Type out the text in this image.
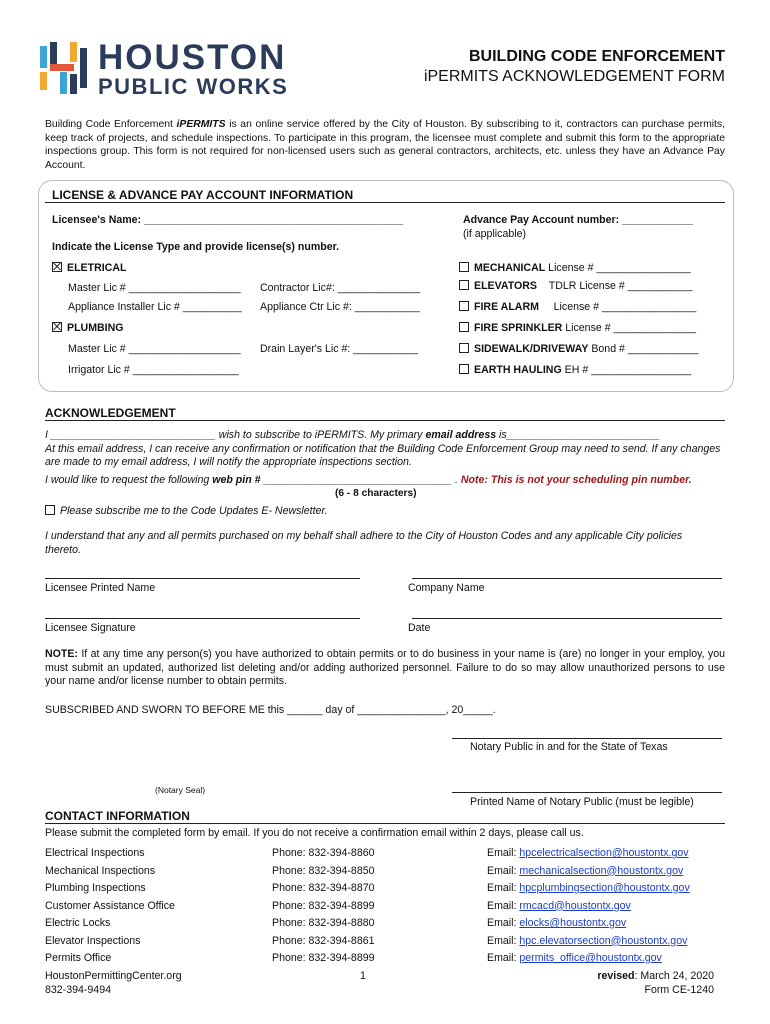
HOUSTON
PUBLIC WORKS
BUILDING CODE ENFORCEMENT
iPERMITS ACKNOWLEDGEMENT FORM
Building Code Enforcement iPERMITS is an online service offered by the City of Houston. By subscribing to it, contractors can purchase permits, keep track of projects, and schedule inspections. To participate in this program, the licensee must complete and submit this form to the appropriate inspections group. This form is not required for non-licensed users such as general contractors, architects, etc. unless they have an Advance Pay Account.
LICENSE & ADVANCE PAY ACCOUNT INFORMATION
Licensee's Name: ____________________________________________	Advance Pay Account number: ____________
(if applicable)
Indicate the License Type and provide license(s) number.
ELETRICAL
Master Lic # ___________________ Contractor Lic#: ______________
Appliance Installer Lic # __________ Appliance Ctr Lic #: ___________
PLUMBING
Master Lic # ___________________ Drain Layer's Lic #: ___________
Irrigator Lic # __________________
MECHANICAL License # ________________
ELEVATORS TDLR License # ___________
FIRE ALARM License # ________________
FIRE SPRINKLER License # ______________
SIDEWALK/DRIVEWAY Bond # ____________
EARTH HAULING EH # _________________
ACKNOWLEDGEMENT
I ____________________________ wish to subscribe to iPERMITS. My primary email address is__________________________
At this email address, I can receive any confirmation or notification that the Building Code Enforcement Group may need to send. If any changes are made to my email address, I will notify the appropriate inspections section.
I would like to request the following web pin # ________________________________ . Note: This is not your scheduling pin number.
(6 - 8 characters)
Please subscribe me to the Code Updates E- Newsletter.
I understand that any and all permits purchased on my behalf shall adhere to the City of Houston Codes and any applicable City policies thereto.
Licensee Printed Name	Company Name
Licensee Signature	Date
NOTE: If at any time any person(s) you have authorized to obtain permits or to do business in your name is (are) no longer in your employ, you must submit an updated, authorized list deleting and/or adding authorized personnel. Failure to do so may allow unauthorized persons to use your name and/or license number to obtain permits.
SUBSCRIBED AND SWORN TO BEFORE ME this ______ day of _______________, 20_____.
Notary Public in and for the State of Texas
(Notary Seal)
Printed Name of Notary Public (must be legible)
CONTACT INFORMATION
Please submit the completed form by email. If you do not receive a confirmation email within 2 days, please call us.
Electrical Inspections	Phone: 832-394-8860	Email: hpcelectricalsection@houstontx.gov
Mechanical Inspections	Phone: 832-394-8850	Email: mechanicalsection@houstontx.gov
Plumbing Inspections	Phone: 832-394-8870	Email: hpcplumbingsection@houstontx.gov
Customer Assistance Office	Phone: 832-394-8899	Email: rmcacd@houstontx.gov
Electric Locks	Phone: 832-394-8880	Email: elocks@houstontx.gov
Elevator Inspections	Phone: 832-394-8861	Email: hpc.elevatorsection@houstontx.gov
Permits Office	Phone: 832-394-8899	Email: permits_office@houstontx.gov
HoustonPermittingCenter.org
832-394-9494
1	revised: March 24, 2020
Form CE-1240
